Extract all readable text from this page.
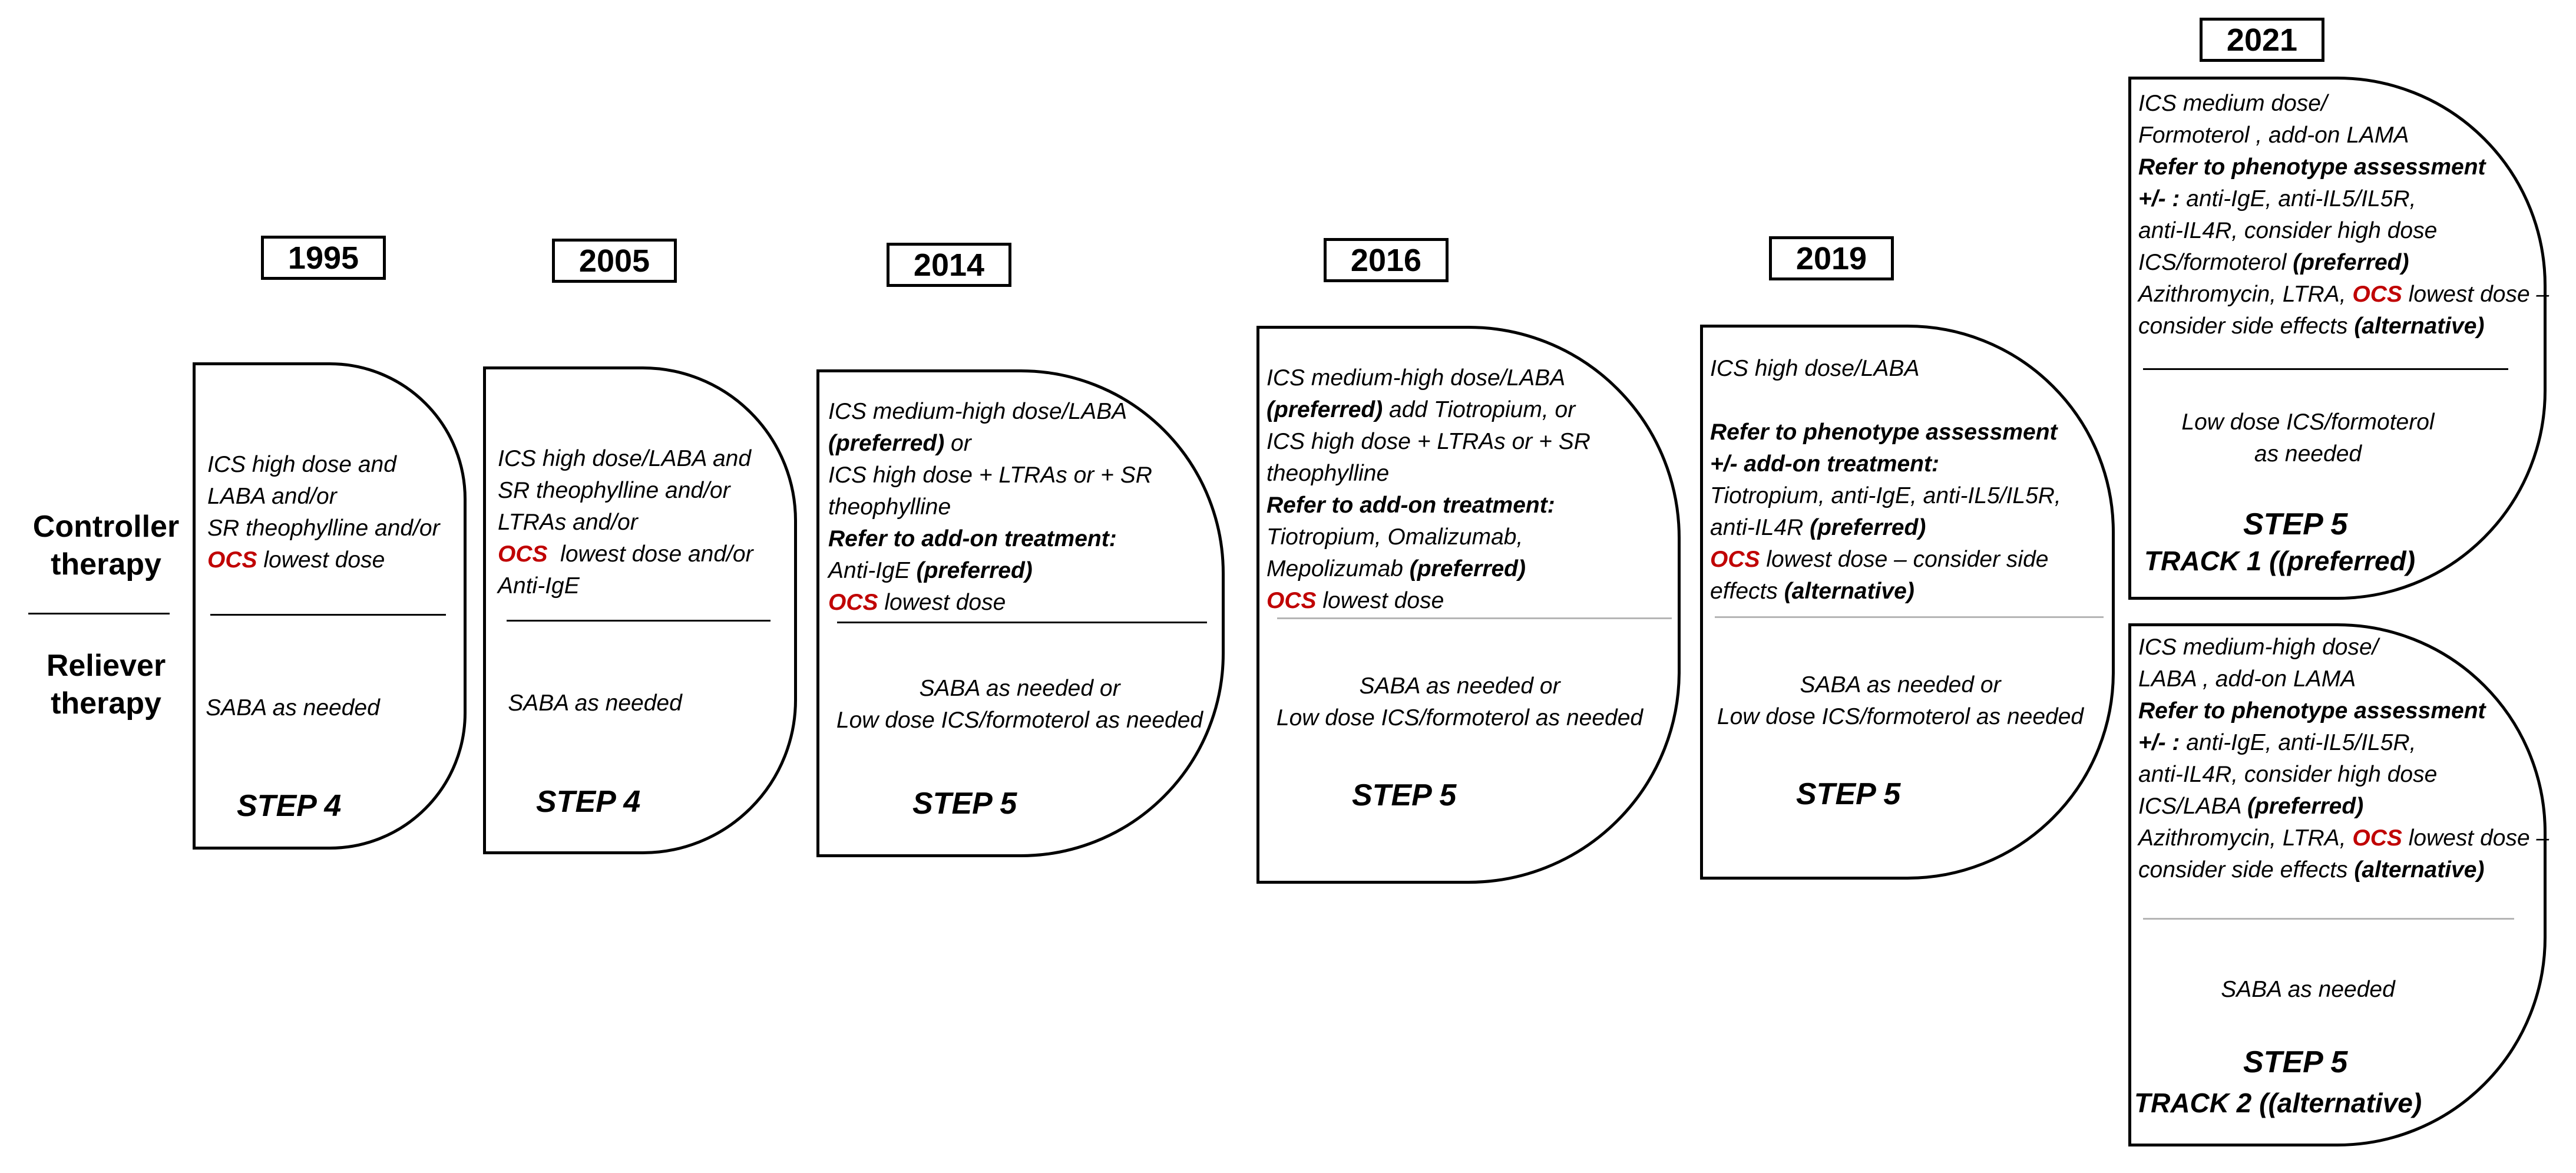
Controller
therapy
Reliever
therapy
1995
ICS high dose and
LABA and/or
SR theophylline and/or
OCS lowest dose
SABA as needed
STEP 4
2005
ICS high dose/LABA and
SR theophylline and/or
LTRAs and/or
OCS  lowest dose and/or
Anti-IgE
SABA as needed
STEP 4
2014
ICS medium-high dose/LABA
(preferred) or
ICS high dose + LTRAs or + SR
theophylline
Refer to add-on treatment:
Anti-IgE (preferred)
OCS lowest dose
SABA as needed or
Low dose ICS/formoterol as needed
STEP 5
2016
ICS medium-high dose/LABA
(preferred) add Tiotropium, or
ICS high dose + LTRAs or + SR
theophylline
Refer to add-on treatment:
Tiotropium, Omalizumab,
Mepolizumab (preferred)
OCS lowest dose
SABA as needed or
Low dose ICS/formoterol as needed
STEP 5
2019
ICS high dose/LABA
Refer to phenotype assessment
+/- add-on treatment:
Tiotropium, anti-IgE, anti-IL5/IL5R,
anti-IL4R (preferred)
OCS lowest dose – consider side
effects (alternative)
SABA as needed or
Low dose ICS/formoterol as needed
STEP 5
2021
ICS medium dose/
Formoterol , add-on LAMA
Refer to phenotype assessment
+/- : anti-IgE, anti-IL5/IL5R,
anti-IL4R, consider high dose
ICS/formoterol (preferred)
Azithromycin, LTRA, OCS lowest dose –
consider side effects (alternative)
Low dose ICS/formoterol
as needed
STEP 5
TRACK 1 ((preferred)
ICS medium-high dose/
LABA , add-on LAMA
Refer to phenotype assessment
+/- : anti-IgE, anti-IL5/IL5R,
anti-IL4R, consider high dose
ICS/LABA (preferred)
Azithromycin, LTRA, OCS lowest dose –
consider side effects (alternative)
SABA as needed
STEP 5
TRACK 2 ((alternative)
